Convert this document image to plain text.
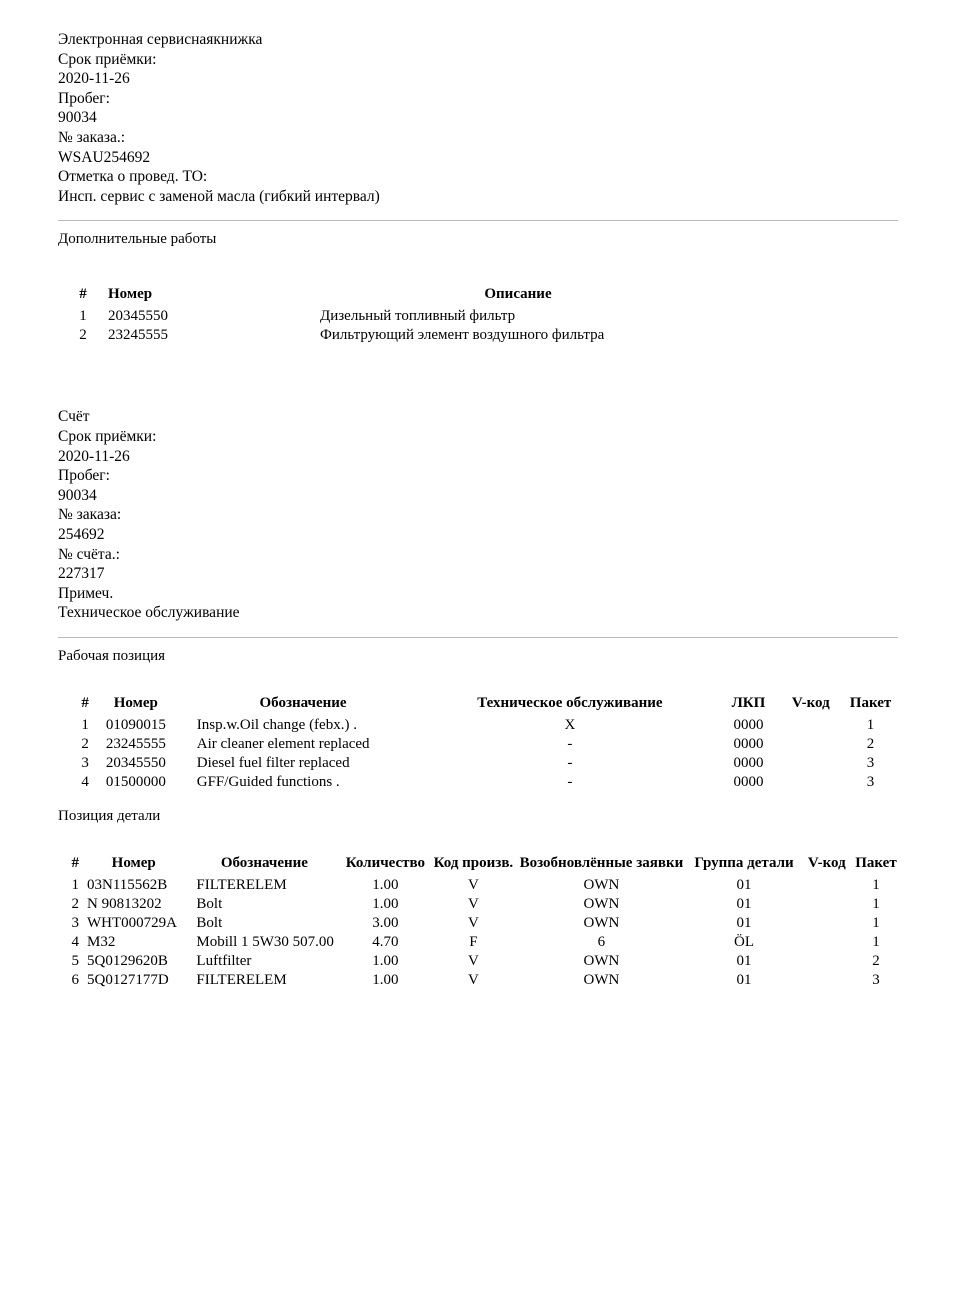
Электронная сервиснаякнижка
Срок приёмки:
2020-11-26
Пробег:
90034
№ заказа.:
WSAU254692
Отметка о провед. ТО:
Инсп. сервис с заменой масла (гибкий интервал)
Дополнительные работы
#	Номер	Описание
1	20345550	Дизельный топливный фильтр
2	23245555	Фильтрующий элемент воздушного фильтра
Счёт
Срок приёмки:
2020-11-26
Пробег:
90034
№ заказа:
254692
№ счёта.:
227317
Примеч.
Техническое обслуживание
Рабочая позиция
#	Номер	Обозначение	Техническое обслуживание	ЛКП	V-код	Пакет
1	01090015	Insp.w.Oil change (febx.) .	X	0000		1
2	23245555	Air cleaner element replaced	-	0000		2
3	20345550	Diesel fuel filter replaced	-	0000		3
4	01500000	GFF/Guided functions .	-	0000		3
Позиция детали
#	Номер	Обозначение	Количество	Код произв.	Возобновлённые заявки	Группа детали	V-код	Пакет
1	03N115562B	FILTERELEM	1.00	V	OWN	01		1
2	N 90813202	Bolt	1.00	V	OWN	01		1
3	WHT000729A	Bolt	3.00	V	OWN	01		1
4	M32	Mobill 1 5W30 507.00	4.70	F	6	ÖL		1
5	5Q0129620B	Luftfilter	1.00	V	OWN	01		2
6	5Q0127177D	FILTERELEM	1.00	V	OWN	01		3
